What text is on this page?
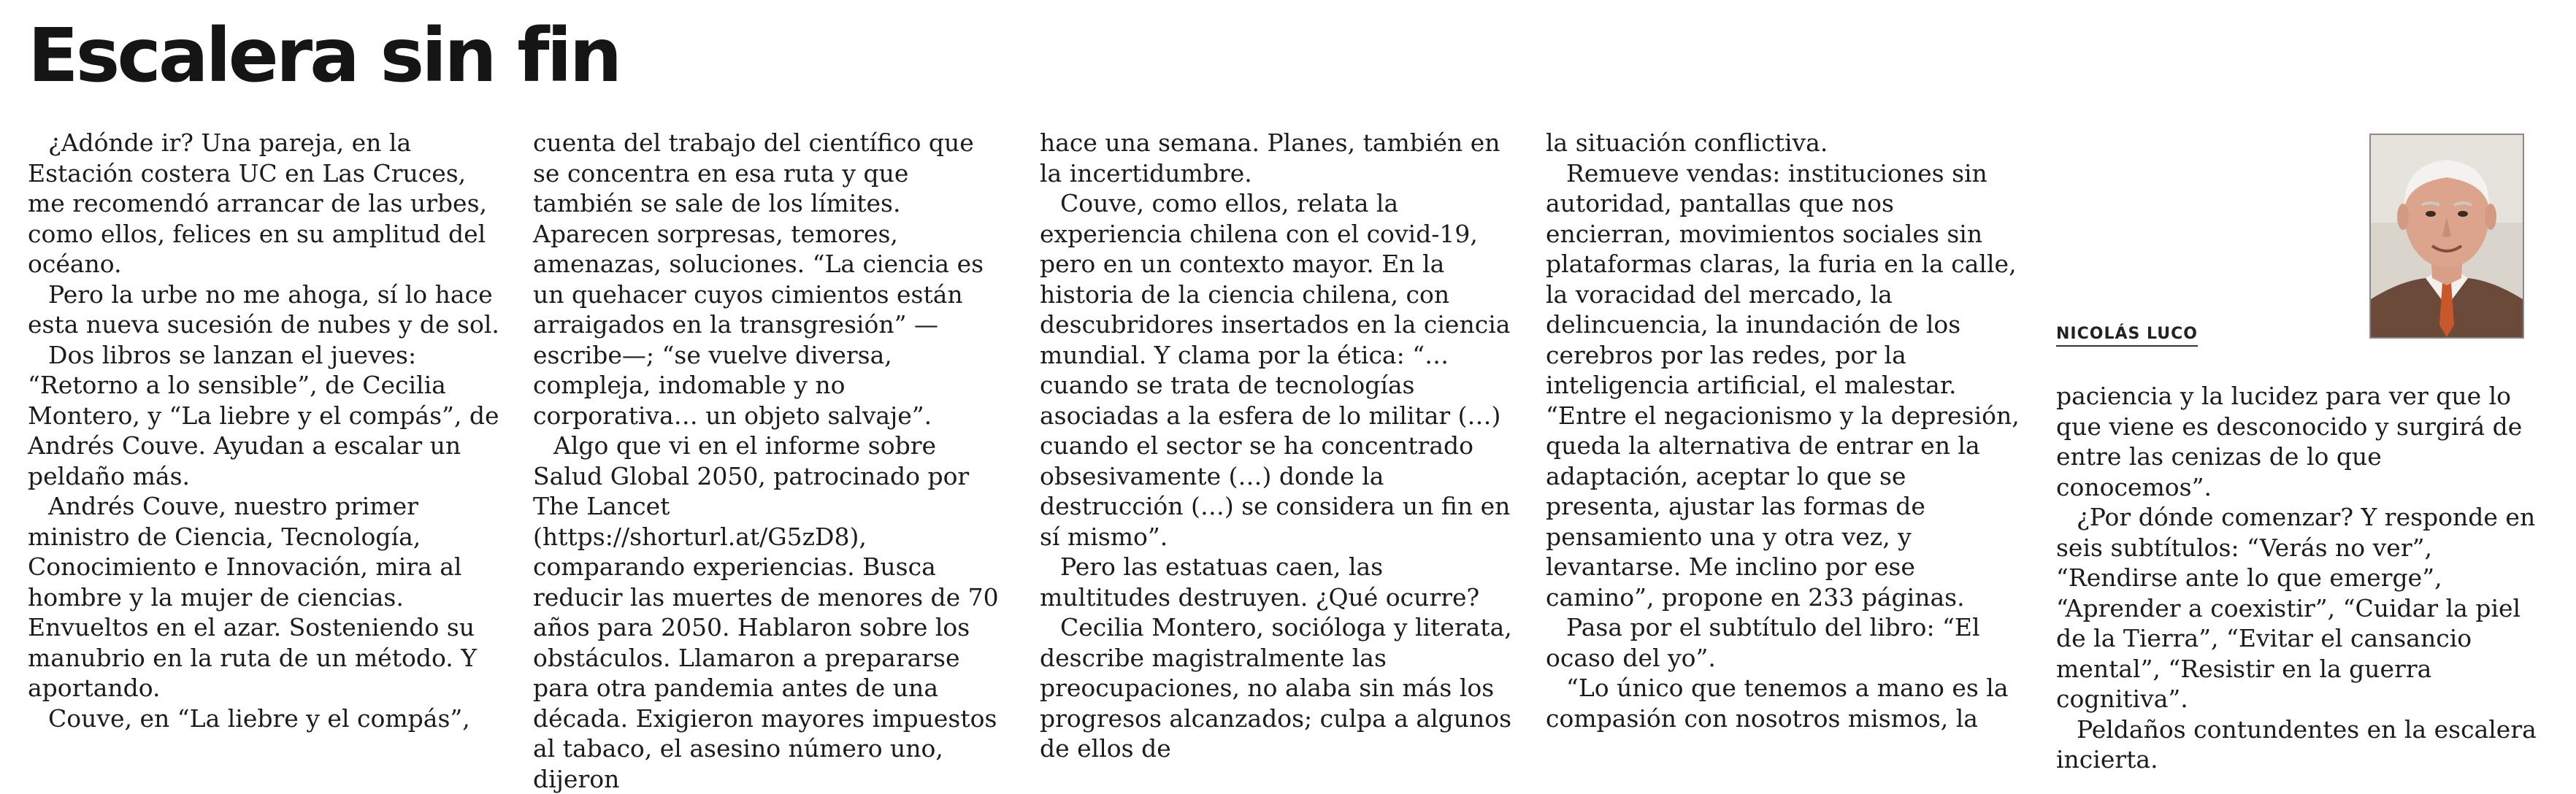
Escalera sin fin

¿Adónde ir? Una pareja, en la Estación costera UC en Las Cruces, me recomendó arrancar de las urbes, como ellos, felices en su amplitud del océano.

Pero la urbe no me ahoga, sí lo hace esta nueva sucesión de nubes y de sol.

Dos libros se lanzan el jueves: “Retorno a lo sensible”, de Cecilia Montero, y “La liebre y el compás”, de Andrés Couve. Ayudan a escalar un peldaño más.

Andrés Couve, nuestro primer ministro de Ciencia, Tecnología, Conocimiento e Innovación, mira al hombre y la mujer de ciencias. Envueltos en el azar. Sosteniendo su manubrio en la ruta de un método. Y aportando.

Couve, en “La liebre y el compás”,

cuenta del trabajo del científico que se concentra en esa ruta y que también se sale de los límites. Aparecen sorpresas, temores, amenazas, soluciones. “La ciencia es un quehacer cuyos cimientos están arraigados en la transgresión” —escribe—; “se vuelve diversa, compleja, indomable y no corporativa… un objeto salvaje”.

Algo que vi en el informe sobre Salud Global 2050, patrocinado por The Lancet (https://shorturl.at/G5zD8), comparando experiencias. Busca reducir las muertes de menores de 70 años para 2050. Hablaron sobre los obstáculos. Llamaron a prepararse para otra pandemia antes de una década. Exigieron mayores impuestos al tabaco, el asesino número uno, dijeron

hace una semana. Planes, también en la incertidumbre.

Couve, como ellos, relata la experiencia chilena con el covid-19, pero en un contexto mayor. En la historia de la ciencia chilena, con descubridores insertados en la ciencia mundial. Y clama por la ética: “…cuando se trata de tecnologías asociadas a la esfera de lo militar (…) cuando el sector se ha concentrado obsesivamente (…) donde la destrucción (…) se considera un fin en sí mismo”.

Pero las estatuas caen, las multitudes destruyen. ¿Qué ocurre?

Cecilia Montero, socióloga y literata, describe magistralmente las preocupaciones, no alaba sin más los progresos alcanzados; culpa a algunos de ellos de

la situación conflictiva.

Remueve vendas: instituciones sin autoridad, pantallas que nos encierran, movimientos sociales sin plataformas claras, la furia en la calle, la voracidad del mercado, la delincuencia, la inundación de los cerebros por las redes, por la inteligencia artificial, el malestar. “Entre el negacionismo y la depresión, queda la alternativa de entrar en la adaptación, aceptar lo que se presenta, ajustar las formas de pensamiento una y otra vez, y levantarse. Me inclino por ese camino”, propone en 233 páginas.

Pasa por el subtítulo del libro: “El ocaso del yo”.

“Lo único que tenemos a mano es la compasión con nosotros mismos, la

NICOLÁS LUCO

paciencia y la lucidez para ver que lo que viene es desconocido y surgirá de entre las cenizas de lo que conocemos”.

¿Por dónde comenzar? Y responde en seis subtítulos: “Verás no ver”, “Rendirse ante lo que emerge”, “Aprender a coexistir”, “Cuidar la piel de la Tierra”, “Evitar el cansancio mental”, “Resistir en la guerra cognitiva”.

Peldaños contundentes en la escalera incierta.
